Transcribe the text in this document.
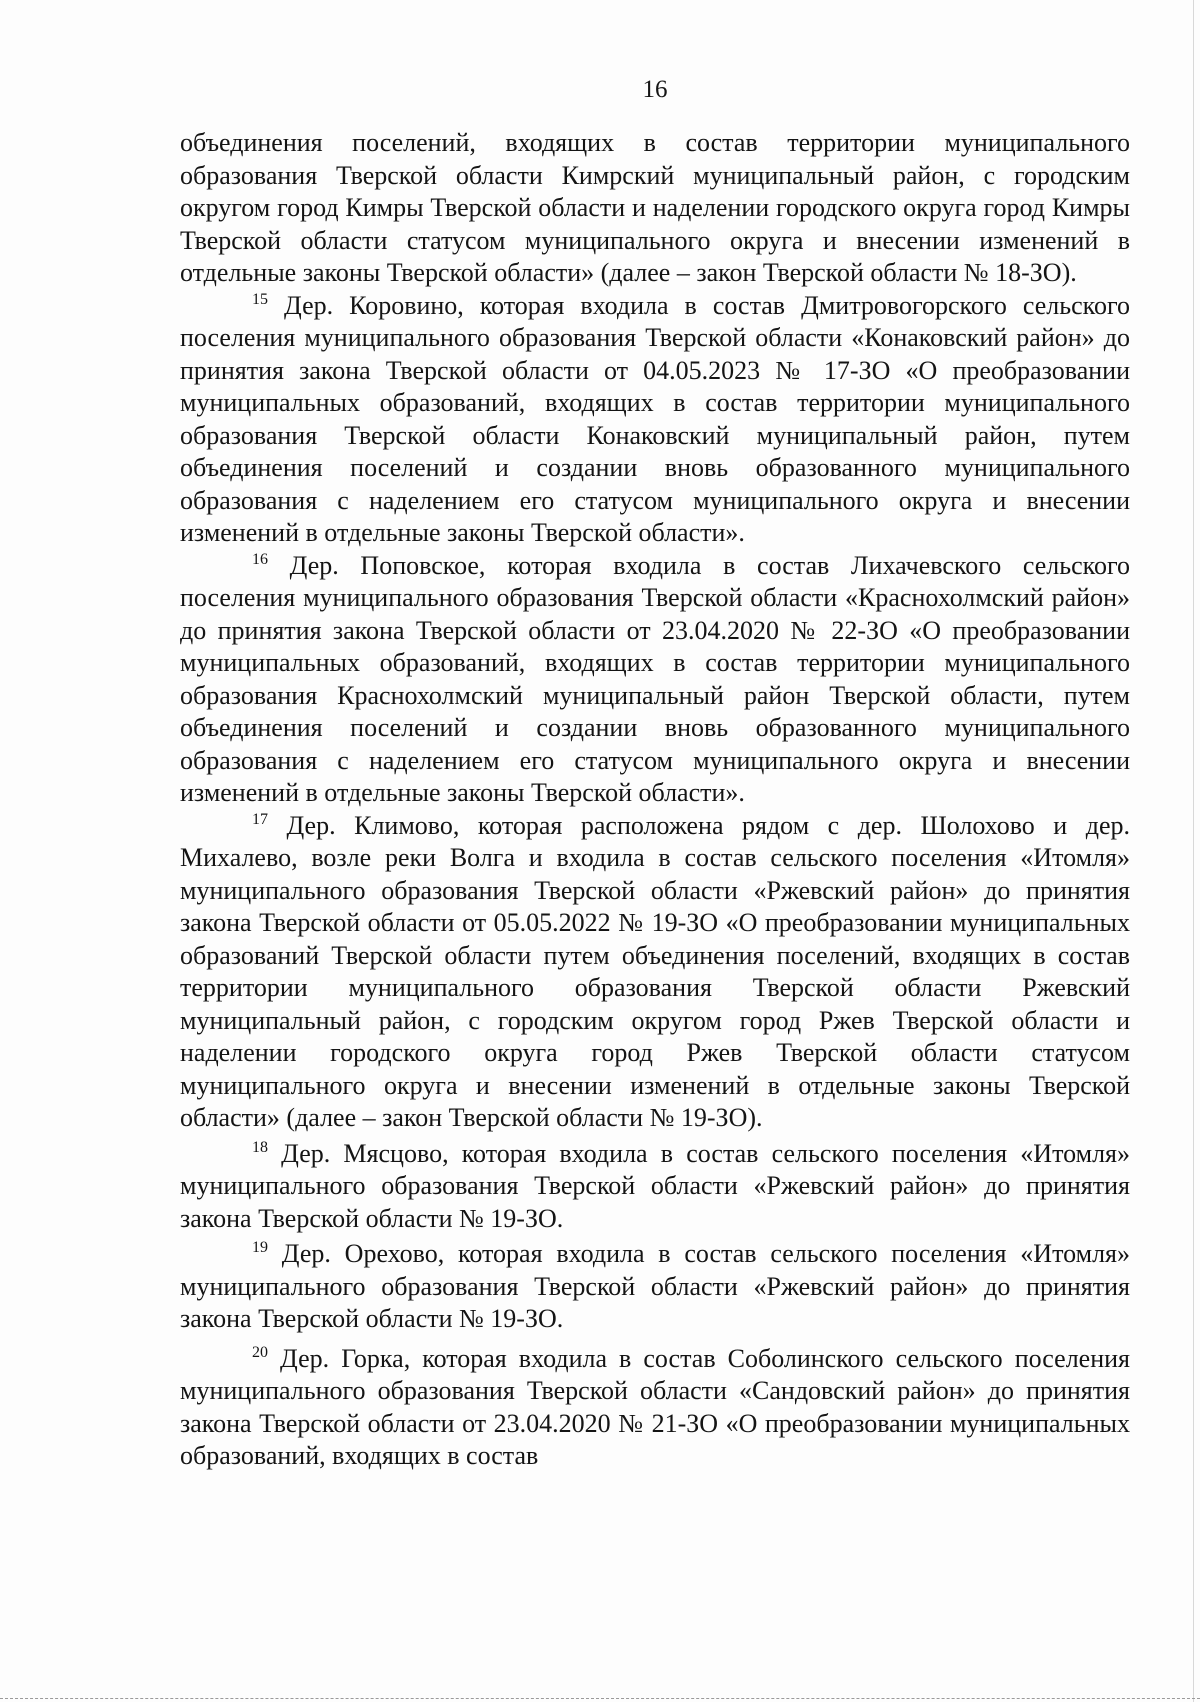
16

объединения поселений, входящих в состав территории муниципального образования Тверской области Кимрский муниципальный район, с городским округом город Кимры Тверской области и наделении городского округа город Кимры Тверской области статусом муниципального округа и внесении изменений в отдельные законы Тверской области» (далее – закон Тверской области № 18-ЗО).

$^{15}$ Дер. Коровино, которая входила в состав Дмитровогорского сельского поселения муниципального образования Тверской области «Конаковский район» до принятия закона Тверской области от 04.05.2023 № 17-ЗО «О преобразовании муниципальных образований, входящих в состав территории муниципального образования Тверской области Конаковский муниципальный район, путем объединения поселений и создании вновь образованного муниципального образования с наделением его статусом муниципального округа и внесении изменений в отдельные законы Тверской области».

$^{16}$ Дер. Поповское, которая входила в состав Лихачевского сельского поселения муниципального образования Тверской области «Краснохолмский район» до принятия закона Тверской области от 23.04.2020 № 22-ЗО «О преобразовании муниципальных образований, входящих в состав территории муниципального образования Краснохолмский муниципальный район Тверской области, путем объединения поселений и создании вновь образованного муниципального образования с наделением его статусом муниципального округа и внесении изменений в отдельные законы Тверской области».

$^{17}$ Дер. Климово, которая расположена рядом с дер. Шолохово и дер. Михалево, возле реки Волга и входила в состав сельского поселения «Итомля» муниципального образования Тверской области «Ржевский район» до принятия закона Тверской области от 05.05.2022 № 19-ЗО «О преобразовании муниципальных образований Тверской области путем объединения поселений, входящих в состав территории муниципального образования Тверской области Ржевский муниципальный район, с городским округом город Ржев Тверской области и наделении городского округа город Ржев Тверской области статусом муниципального округа и внесении изменений в отдельные законы Тверской области» (далее – закон Тверской области № 19-ЗО).

$^{18}$ Дер. Мясцово, которая входила в состав сельского поселения «Итомля» муниципального образования Тверской области «Ржевский район» до принятия закона Тверской области № 19-ЗО.

$^{19}$ Дер. Орехово, которая входила в состав сельского поселения «Итомля» муниципального образования Тверской области «Ржевский район» до принятия закона Тверской области № 19-ЗО.

$^{20}$ Дер. Горка, которая входила в состав Соболинского сельского поселения муниципального образования Тверской области «Сандовский район» до принятия закона Тверской области от 23.04.2020 № 21-ЗО «О преобразовании муниципальных образований, входящих в состав
